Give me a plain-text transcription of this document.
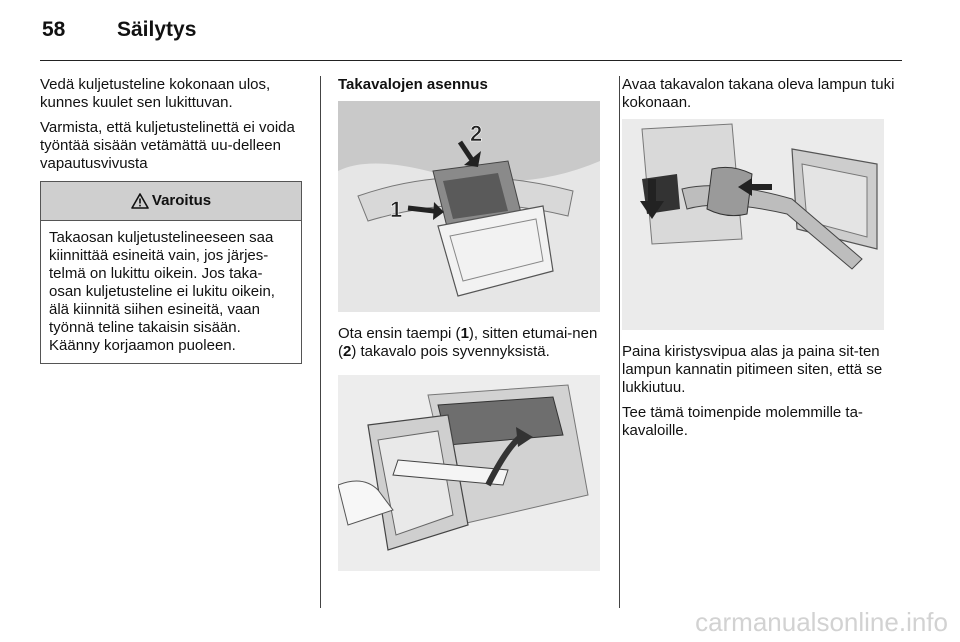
58 Säilytys

Vedä kuljetusteline kokonaan ulos, kunnes kuulet sen lukittuvan.

Varmista, että kuljetustelinettä ei voida työntää sisään vetämättä uu-delleen vapautusvivusta

Varoitus
Takaosan kuljetustelineeseen saa kiinnittää esineitä vain, jos järjes-telmä on lukittu oikein. Jos taka-osan kuljetusteline ei lukitu oikein, älä kiinnitä siihen esineitä, vaan työnnä teline takaisin sisään. Käänny korjaamon puoleen.

Takavalojen asennus

2
1

Ota ensin taempi (1), sitten etumai-nen (2) takavalo pois syvennyksistä.

Avaa takavalon takana oleva lampun tuki kokonaan.

Paina kiristysvipua alas ja paina sit-ten lampun kannatin pitimeen siten, että se lukkiutuu.

Tee tämä toimenpide molemmille ta-kavaloille.

carmanualsonline.info
